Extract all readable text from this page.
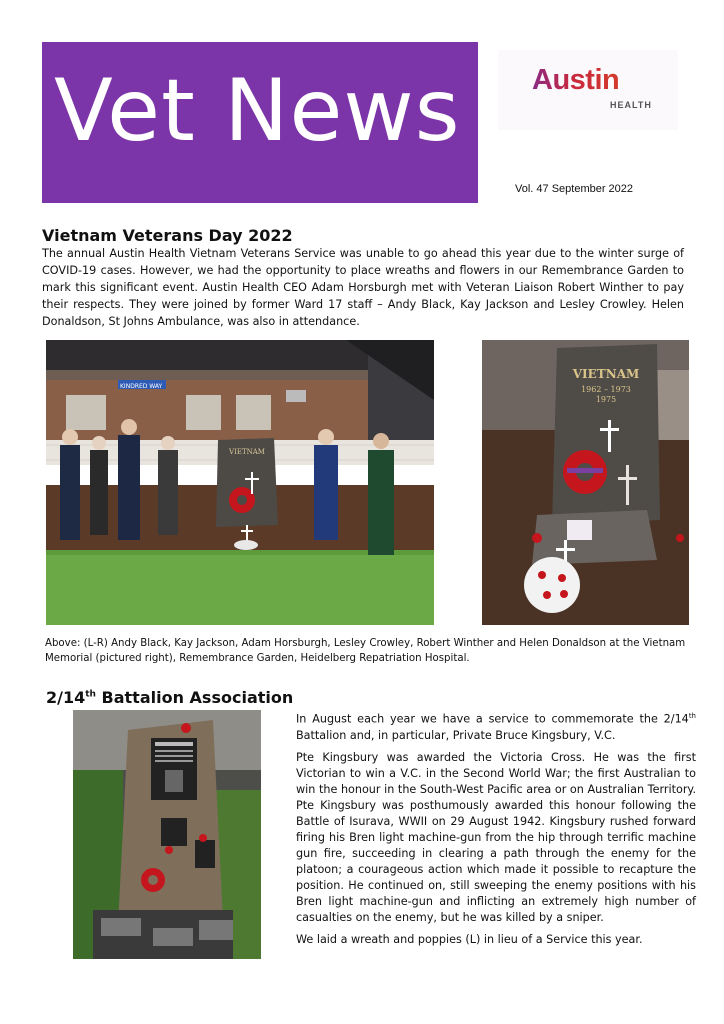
Vet News Austin
HEALTH
Vol. 47 September 2022
Vietnam Veterans Day 2022

The annual Austin Health Vietnam Veterans Service was unable to go ahead this year due to the winter surge of COVID-19 cases. However, we had the opportunity to place wreaths and flowers in our Remembrance Garden to mark this significant event. Austin Health CEO Adam Horsburgh met with Veteran Liaison Robert Winther to pay their respects. They were joined by former Ward 17 staff – Andy Black, Kay Jackson and Lesley Crowley. Helen Donaldson, St Johns Ambulance, was also in attendance.

KINDRED WAY
VIETNAM
VIETNAM
1962 – 1973
1975

Above: (L-R) Andy Black, Kay Jackson, Adam Horsburgh, Lesley Crowley, Robert Winther and Helen Donaldson at the Vietnam Memorial (pictured right), Remembrance Garden, Heidelberg Repatriation Hospital.

2/14th Battalion Association

In August each year we have a service to commemorate the 2/14th Battalion and, in particular, Private Bruce Kingsbury, V.C.

Pte Kingsbury was awarded the Victoria Cross. He was the first Victorian to win a V.C. in the Second World War; the first Australian to win the honour in the South-West Pacific area or on Australian Territory. Pte Kingsbury was posthumously awarded this honour following the Battle of Isurava, WWII on 29 August 1942. Kingsbury rushed forward firing his Bren light machine-gun from the hip through terrific machine gun fire, succeeding in clearing a path through the enemy for the platoon; a courageous action which made it possible to recapture the position. He continued on, still sweeping the enemy positions with his Bren light machine-gun and inflicting an extremely high number of casualties on the enemy, but he was killed by a sniper.

We laid a wreath and poppies (L) in lieu of a Service this year.
